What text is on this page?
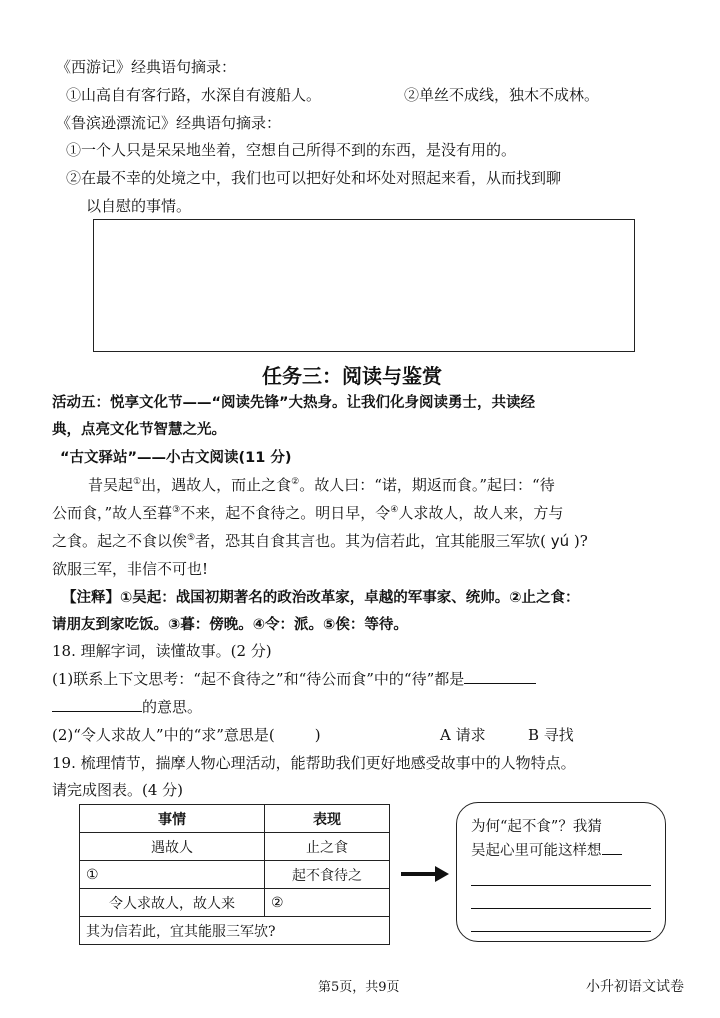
《西游记》经典语句摘录：
①山高自有客行路，水深自有渡船人。	②单丝不成线，独木不成林。
《鲁滨逊漂流记》经典语句摘录：
①一个人只是呆呆地坐着，空想自己所得不到的东西，是没有用的。
②在最不幸的处境之中，我们也可以把好处和坏处对照起来看，从而找到聊
以自慰的事情。
任务三：阅读与鉴赏
活动五：悦享文化节——“阅读先锋”大热身。让我们化身阅读勇士，共读经
典，点亮文化节智慧之光。
“古文驿站”——小古文阅读(11 分)
昔吴起①出，遇故人，而止之食②。故人曰：“诺，期返而食。”起曰：“待
公而食，”故人至暮③不来，起不食待之。明日早，令④人求故人，故人来，方与
之食。起之不食以俟⑤者，恐其自食其言也。其为信若此，宜其能服三军欤( yú )?
欲服三军，非信不可也!
【注释】①吴起：战国初期著名的政治改革家，卓越的军事家、统帅。②止之食：
请朋友到家吃饭。③暮：傍晚。④令：派。⑤俟：等待。
18. 理解字词，读懂故事。(2 分)
(1)联系上下文思考：“起不食待之”和“待公而食”中的“待”都是
的意思。
(2)“令人求故人”中的“求”意思是(	)	A 请求	B 寻找
19. 梳理情节，揣摩人物心理活动，能帮助我们更好地感受故事中的人物特点。
请完成图表。(4 分)
事情	表现
遇故人	止之食
①	起不食待之
令人求故人，故人来	②
其为信若此，宜其能服三军欤?	
为何“起不食”？我猜
吴起心里可能这样想
第5页，共9页	小升初语文试卷
